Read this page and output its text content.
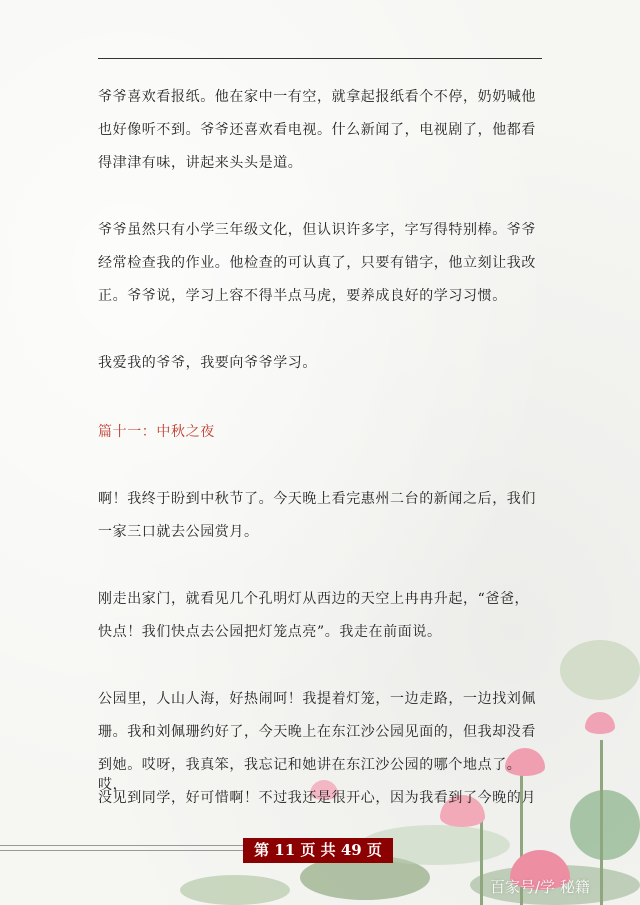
爷爷喜欢看报纸。他在家中一有空，就拿起报纸看个不停，奶奶喊他
也好像听不到。爷爷还喜欢看电视。什么新闻了，电视剧了，他都看
得津津有味，讲起来头头是道。
爷爷虽然只有小学三年级文化，但认识许多字，字写得特别棒。爷爷
经常检查我的作业。他检查的可认真了，只要有错字，他立刻让我改
正。爷爷说，学习上容不得半点马虎，要养成良好的学习习惯。
我爱我的爷爷，我要向爷爷学习。
篇十一：中秋之夜
啊！我终于盼到中秋节了。今天晚上看完惠州二台的新闻之后，我们
一家三口就去公园赏月。
刚走出家门，就看见几个孔明灯从西边的天空上冉冉升起，“爸爸，
快点！我们快点去公园把灯笼点亮”。我走在前面说。
公园里，人山人海，好热闹呵！我提着灯笼，一边走路，一边找刘佩
珊。我和刘佩珊约好了，今天晚上在东江沙公园见面的，但我却没看
到她。哎呀，我真笨，我忘记和她讲在东江沙公园的哪个地点了。哎，
没见到同学，好可惜啊！不过我还是很开心，因为我看到了今晚的月
第 11 页 共 49 页
百家号/学 秘籍
